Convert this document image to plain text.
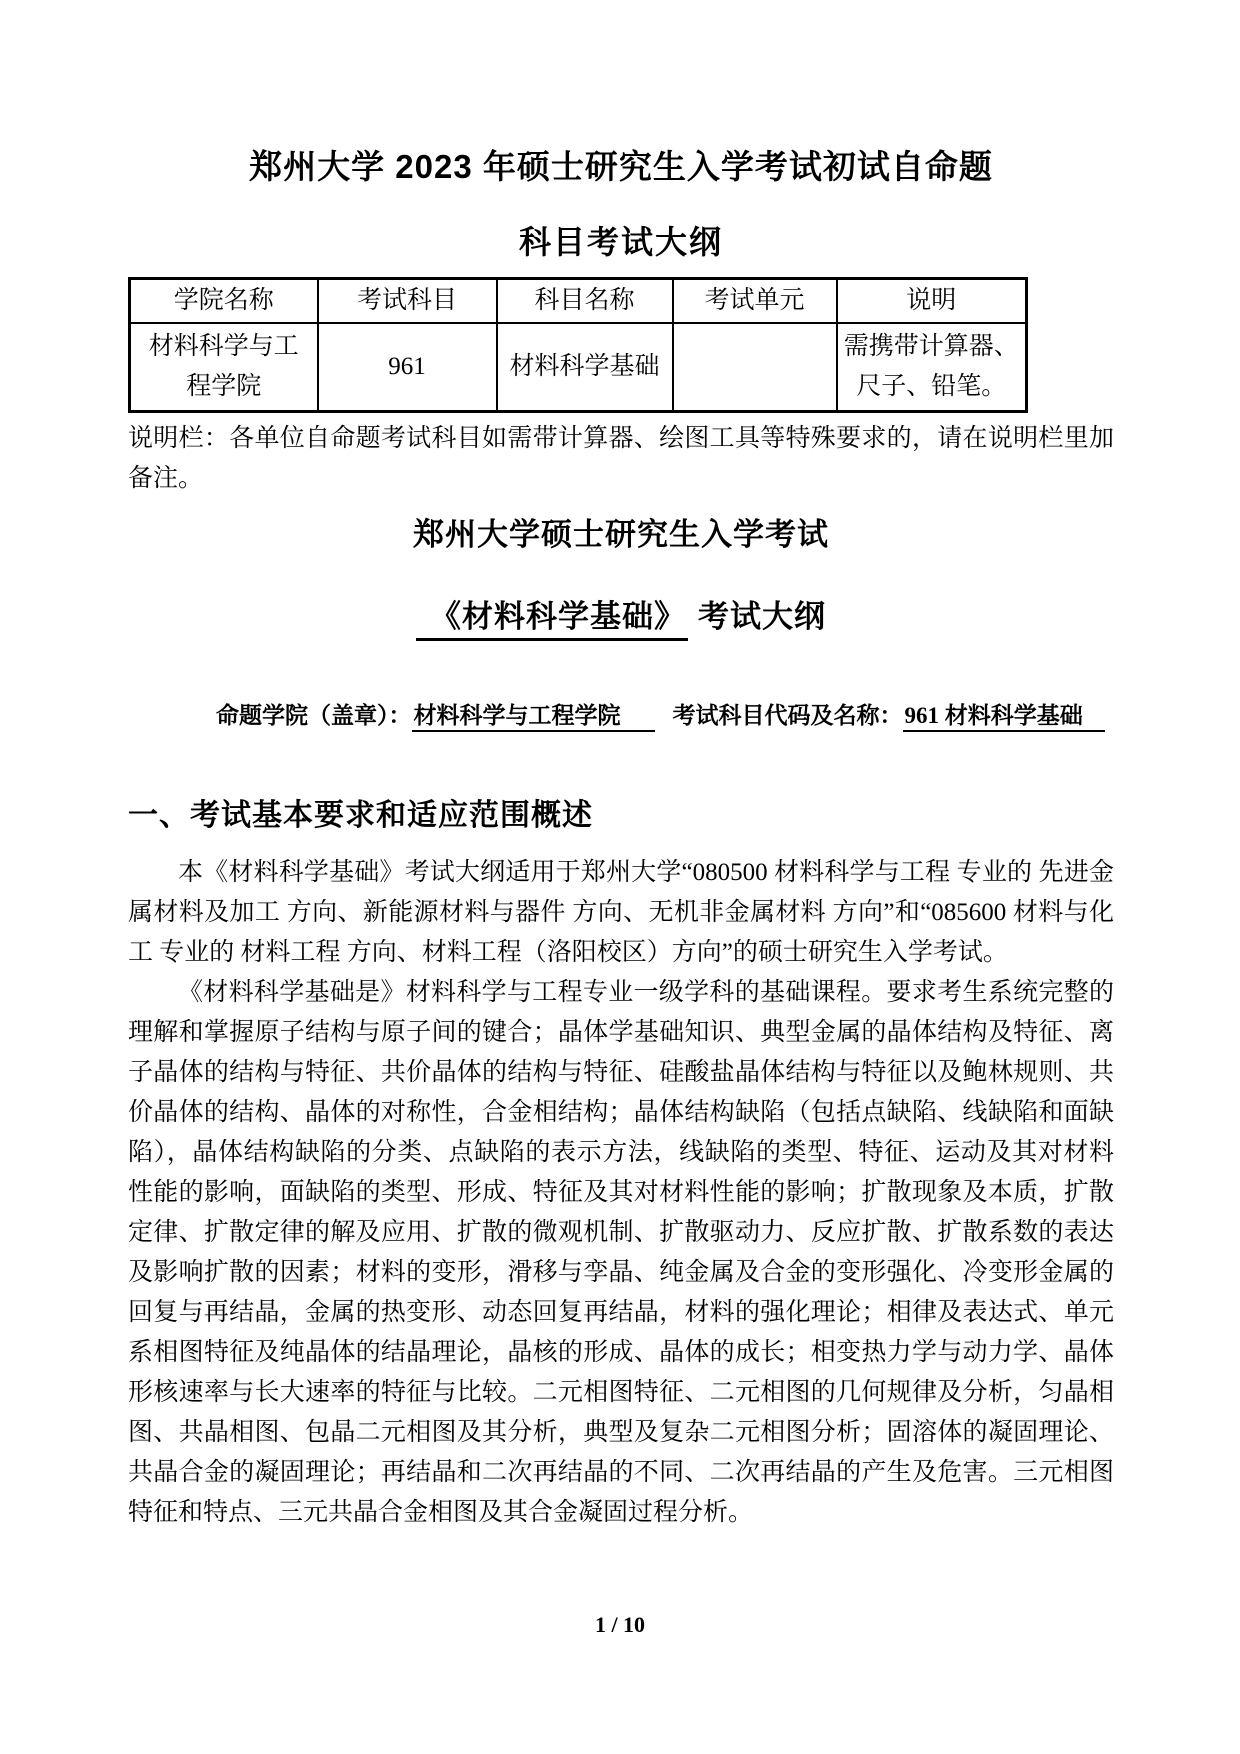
郑州大学 2023 年硕士研究生入学考试初试自命题
科目考试大纲
学院名称	考试科目	科目名称	考试单元	说明
材料科学与工程学院	961	材料科学基础		需携带计算器、尺子、铅笔。

说明栏：各单位自命题考试科目如需带计算器、绘图工具等特殊要求的，请在说明栏里加备注。

郑州大学硕士研究生入学考试
《材料科学基础》 考试大纲

命题学院（盖章）：材料科学与工程学院 考试科目代码及名称：961 材料科学基础

一、考试基本要求和适应范围概述

本《材料科学基础》考试大纲适用于郑州大学“080500 材料科学与工程 专业的 先进金属材料及加工 方向、新能源材料与器件 方向、无机非金属材料 方向”和“085600 材料与化工 专业的 材料工程 方向、材料工程（洛阳校区）方向”的硕士研究生入学考试。

《材料科学基础是》材料科学与工程专业一级学科的基础课程。要求考生系统完整的理解和掌握原子结构与原子间的键合；晶体学基础知识、典型金属的晶体结构及特征、离子晶体的结构与特征、共价晶体的结构与特征、硅酸盐晶体结构与特征以及鲍林规则、共价晶体的结构、晶体的对称性，合金相结构；晶体结构缺陷（包括点缺陷、线缺陷和面缺陷），晶体结构缺陷的分类、点缺陷的表示方法，线缺陷的类型、特征、运动及其对材料性能的影响，面缺陷的类型、形成、特征及其对材料性能的影响；扩散现象及本质，扩散定律、扩散定律的解及应用、扩散的微观机制、扩散驱动力、反应扩散、扩散系数的表达及影响扩散的因素；材料的变形，滑移与孪晶、纯金属及合金的变形强化、冷变形金属的回复与再结晶，金属的热变形、动态回复再结晶，材料的强化理论；相律及表达式、单元系相图特征及纯晶体的结晶理论，晶核的形成、晶体的成长；相变热力学与动力学、晶体形核速率与长大速率的特征与比较。二元相图特征、二元相图的几何规律及分析，匀晶相图、共晶相图、包晶二元相图及其分析，典型及复杂二元相图分析；固溶体的凝固理论、共晶合金的凝固理论；再结晶和二次再结晶的不同、二次再结晶的产生及危害。三元相图特征和特点、三元共晶合金相图及其合金凝固过程分析。

1 / 10
